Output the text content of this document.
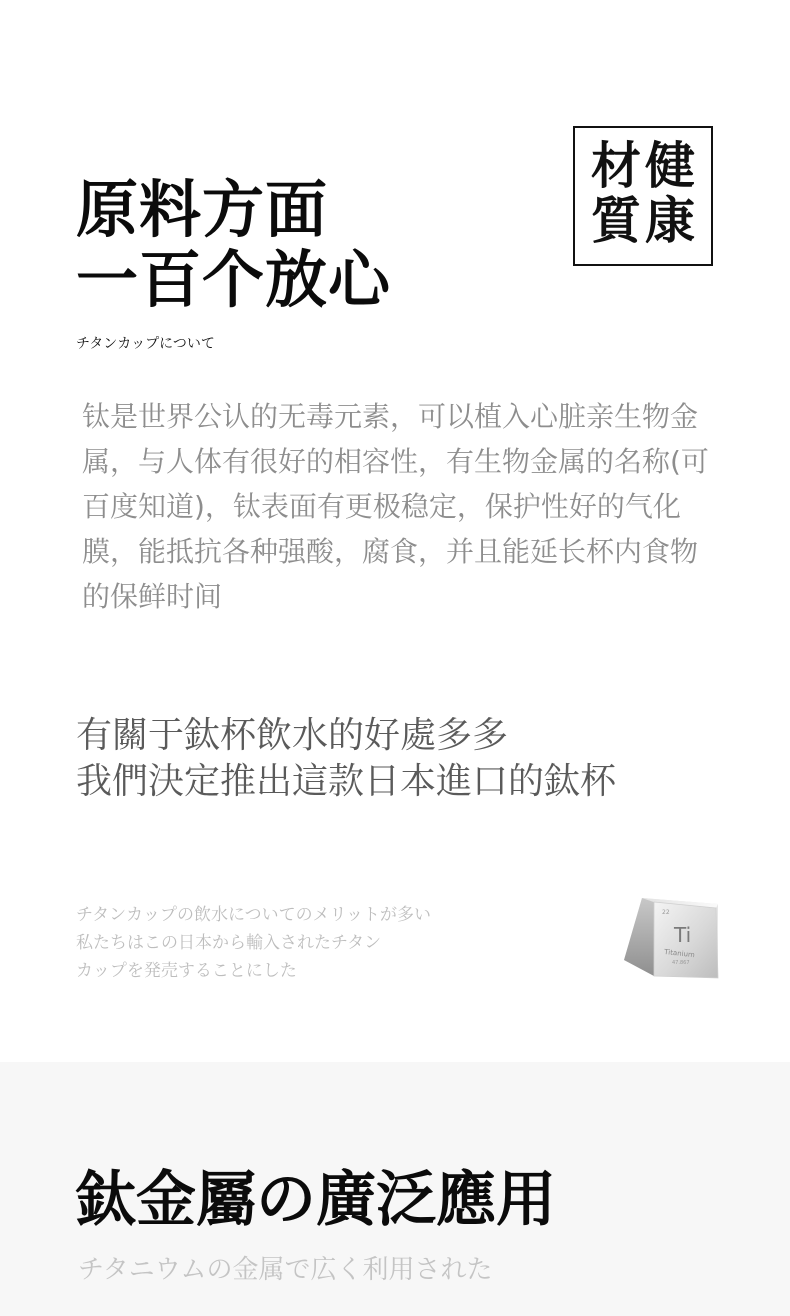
原料方面
一百个放心
材 健
質 康
チタンカップについて
钛是世界公认的无毒元素，可以植入心脏亲生物金属，与人体有很好的相容性，有生物金属的名称(可百度知道)，钛表面有更极稳定，保护性好的气化膜，能抵抗各种强酸，腐食，并且能延长杯内食物的保鲜时间
有關于鈦杯飲水的好處多多
我們決定推出這款日本進口的鈦杯
チタンカップの飲水についてのメリットが多い
私たちはこの日本から輸入されたチタン
カップを発売することにした
22
Ti
Titanium
47.867
鈦金屬の廣泛應用
チタニウムの金属で広く利用された
